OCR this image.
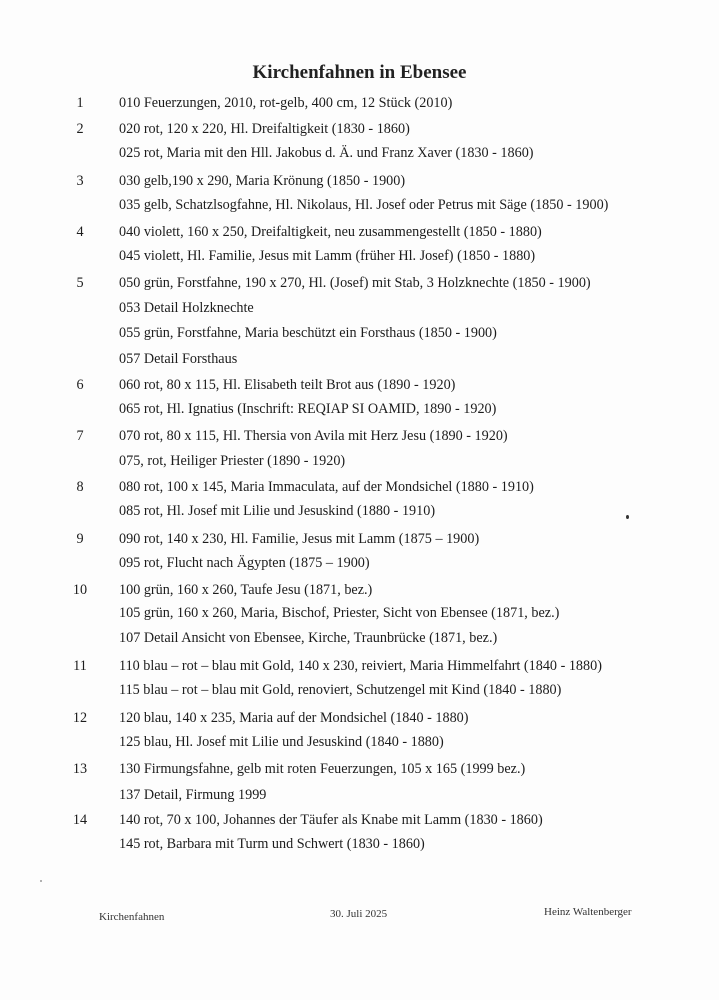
Kirchenfahnen in Ebensee
1	010 Feuerzungen, 2010, rot-gelb, 400 cm, 12 Stück (2010)
2	020 rot, 120 x 220, Hl. Dreifaltigkeit (1830 - 1860)
025 rot, Maria mit den Hll. Jakobus d. Ä. und Franz Xaver (1830 - 1860)
3	030 gelb,190 x 290, Maria Krönung (1850 - 1900)
035 gelb, Schatzlsogfahne, Hl. Nikolaus, Hl. Josef oder Petrus mit Säge (1850 - 1900)
4	040 violett, 160 x 250, Dreifaltigkeit, neu zusammengestellt (1850 - 1880)
045 violett, Hl. Familie, Jesus mit Lamm (früher Hl. Josef) (1850 - 1880)
5	050 grün, Forstfahne, 190 x 270, Hl. (Josef) mit Stab, 3 Holzknechte (1850 - 1900)
053 Detail Holzknechte
055 grün, Forstfahne, Maria beschützt ein Forsthaus (1850 - 1900)
057 Detail Forsthaus
6	060 rot, 80 x 115, Hl. Elisabeth teilt Brot aus (1890 - 1920)
065 rot, Hl. Ignatius (Inschrift: REQIAP SI OAMID, 1890 - 1920)
7	070 rot, 80 x 115, Hl. Thersia von Avila mit Herz Jesu (1890 - 1920)
075, rot, Heiliger Priester (1890 - 1920)
8	080 rot, 100 x 145, Maria Immaculata, auf der Mondsichel (1880 - 1910)
085 rot, Hl. Josef mit Lilie und Jesuskind (1880 - 1910)
9	090 rot, 140 x 230, Hl. Familie, Jesus mit Lamm (1875 – 1900)
095 rot, Flucht nach Ägypten (1875 – 1900)
10	100 grün, 160 x 260, Taufe Jesu (1871, bez.)
105 grün, 160 x 260, Maria, Bischof, Priester, Sicht von Ebensee (1871, bez.)
107 Detail Ansicht von Ebensee, Kirche, Traunbrücke (1871, bez.)
11	110 blau – rot – blau mit Gold, 140 x 230, reiviert, Maria Himmelfahrt (1840 - 1880)
115 blau – rot – blau mit Gold, renoviert, Schutzengel mit Kind (1840 - 1880)
12	120 blau, 140 x 235, Maria auf der Mondsichel (1840 - 1880)
125 blau, Hl. Josef mit Lilie und Jesuskind (1840 - 1880)
13	130 Firmungsfahne, gelb mit roten Feuerzungen, 105 x 165 (1999 bez.)
137 Detail, Firmung 1999
14	140 rot, 70 x 100, Johannes der Täufer als Knabe mit Lamm (1830 - 1860)
145 rot, Barbara mit Turm und Schwert (1830 - 1860)
Kirchenfahnen	30. Juli 2025	Heinz Waltenberger
